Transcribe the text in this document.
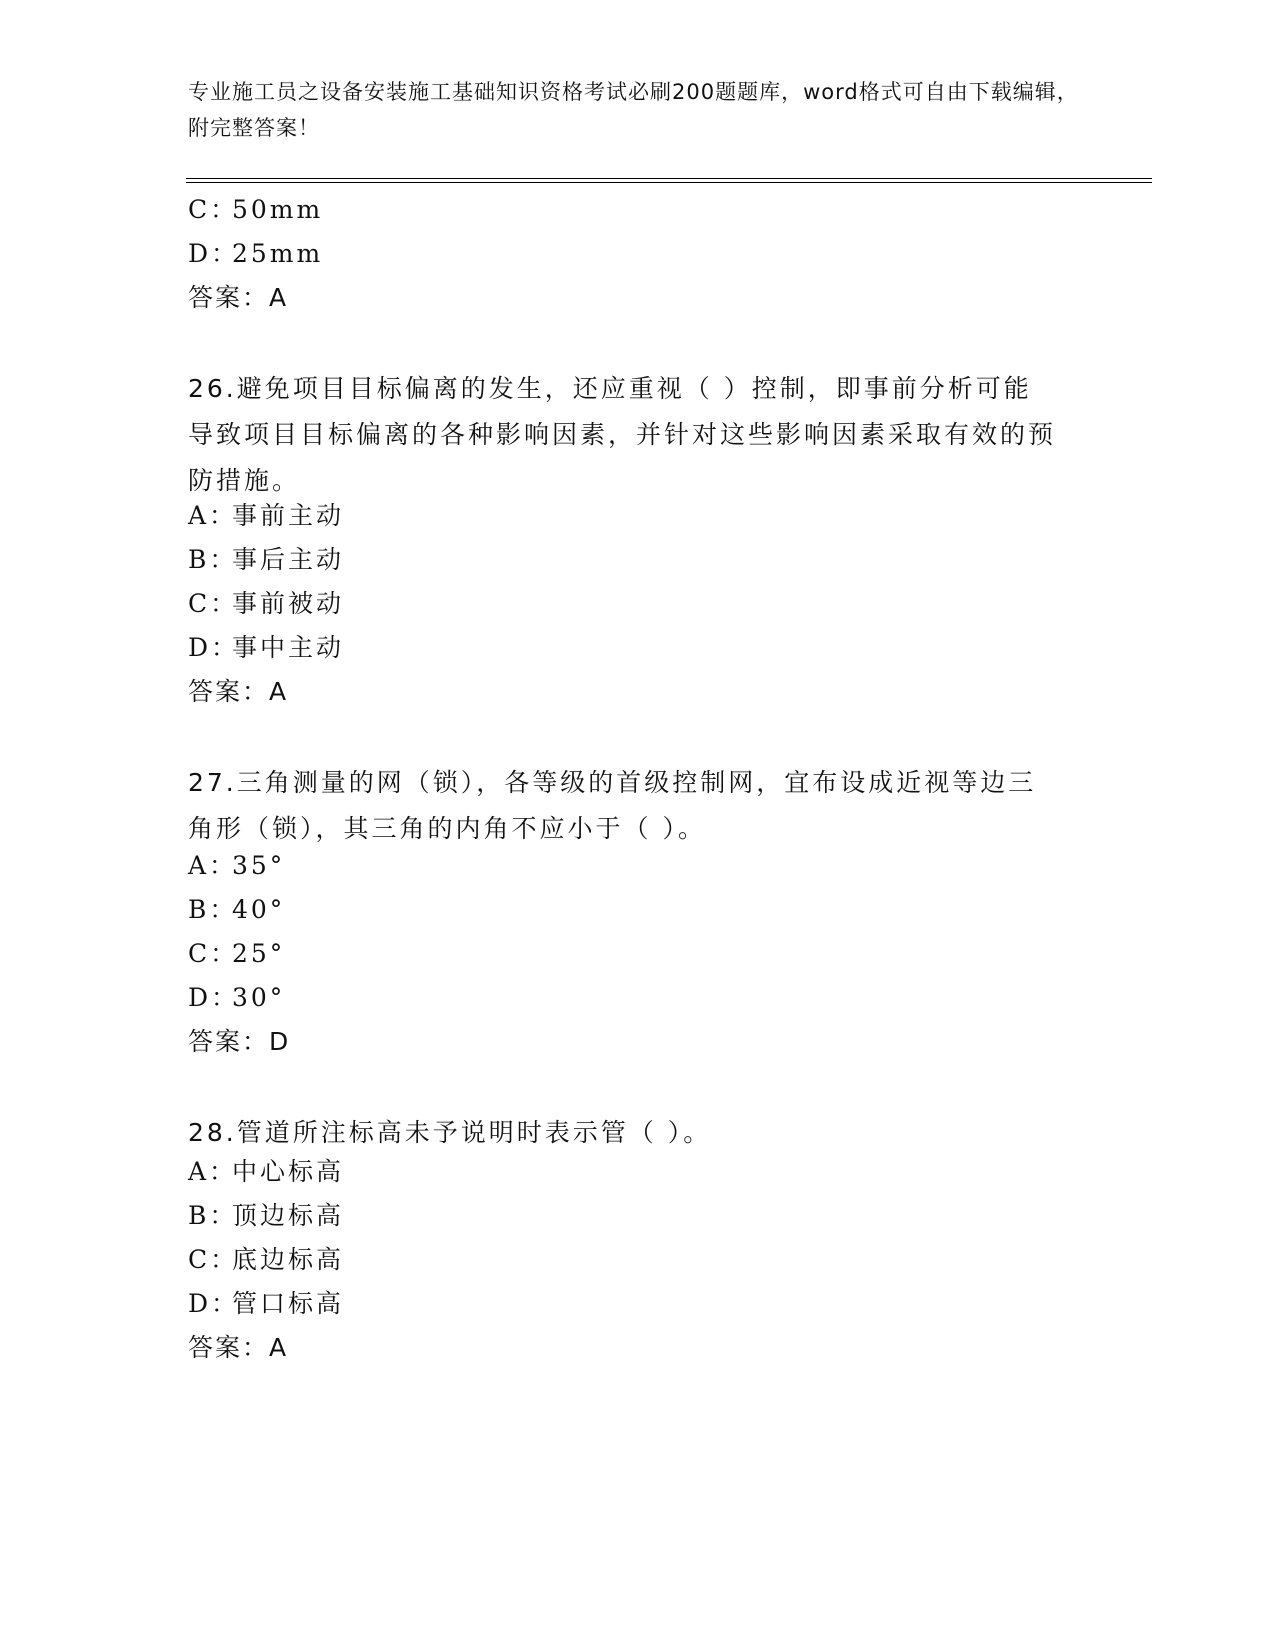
专业施工员之设备安装施工基础知识资格考试必刷200题题库，word格式可自由下载编辑，附完整答案！
C：50mm
D：25mm
答案：A
26.避免项目目标偏离的发生，还应重视（ ）控制，即事前分析可能导致项目目标偏离的各种影响因素，并针对这些影响因素采取有效的预防措施。
A：事前主动
B：事后主动
C：事前被动
D：事中主动
答案：A
27.三角测量的网（锁），各等级的首级控制网，宜布设成近视等边三角形（锁），其三角的内角不应小于（ ）。
A：35°
B：40°
C：25°
D：30°
答案：D
28.管道所注标高未予说明时表示管（ ）。
A：中心标高
B：顶边标高
C：底边标高
D：管口标高
答案：A
